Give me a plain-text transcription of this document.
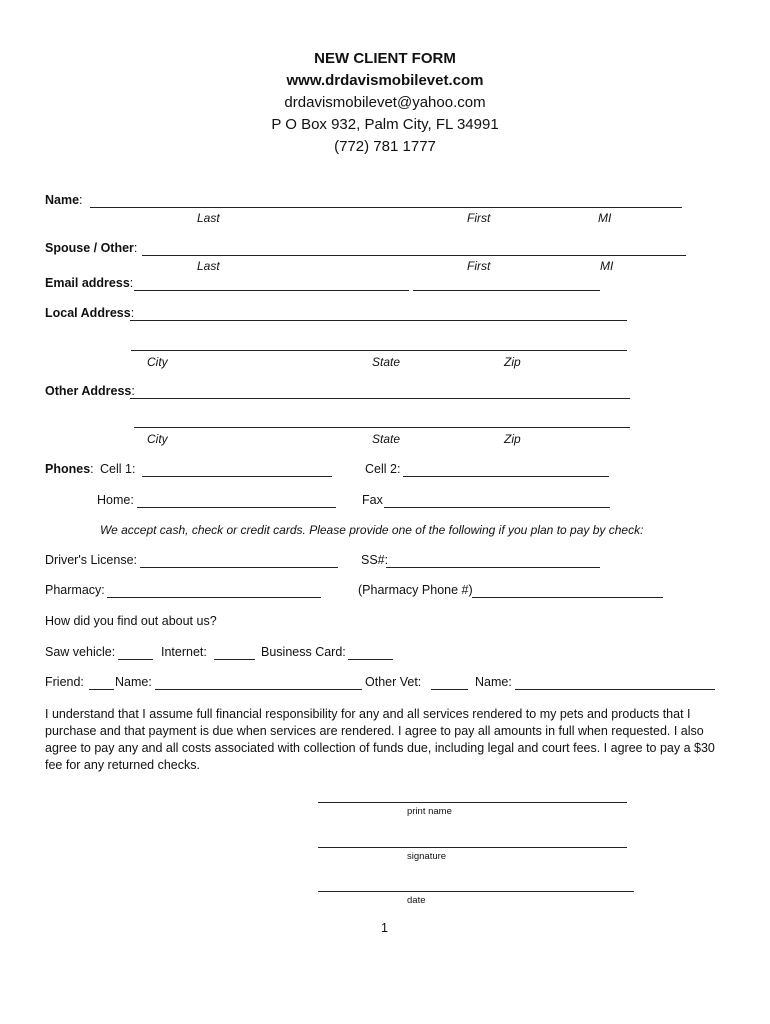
NEW CLIENT FORM
www.drdavismobilevet.com
drdavismobilevet@yahoo.com
P O Box 932, Palm City, FL 34991
(772) 781 1777
Name:
Last	First	MI
Spouse / Other:
Last	First	MI
Email address:
Local Address:
City	State	Zip
Other Address:
City	State	Zip
Phones: Cell 1:	Cell 2:
Home:	Fax
We accept cash, check or credit cards. Please provide one of the following if you plan to pay by check:
Driver's License:	SS#:
Pharmacy:	(Pharmacy Phone #)
How did you find out about us?
Saw vehicle:	Internet:	Business Card:
Friend: Name:	Other Vet:	Name:
I understand that I assume full financial responsibility for any and all services rendered to my pets and products that I purchase and that payment is due when services are rendered. I agree to pay all amounts in full when requested. I also agree to pay any and all costs associated with collection of funds due, including legal and court fees. I agree to pay a $30 fee for any returned checks.
print name
signature
date
1
